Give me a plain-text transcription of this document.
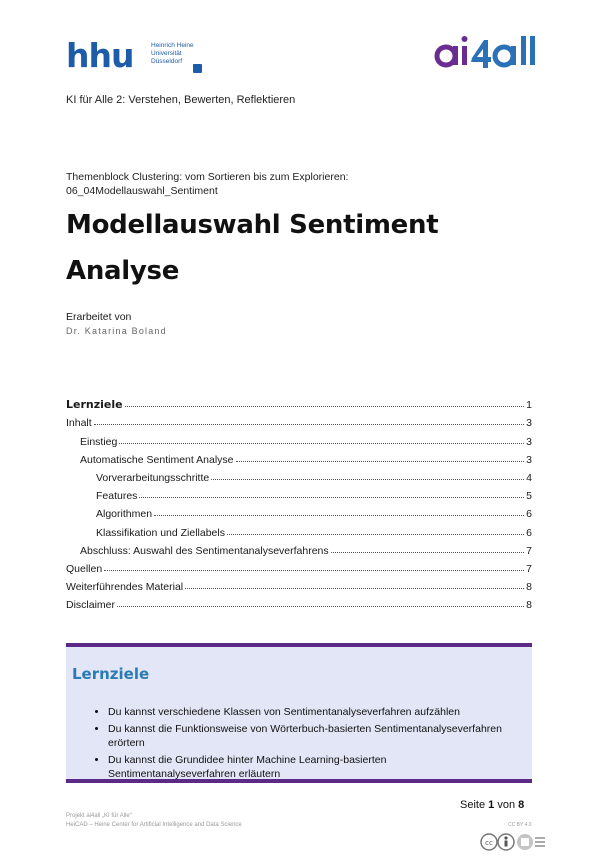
hhu	Heinrich Heine
Universität
Düsseldorf
KI für Alle 2: Verstehen, Bewerten, Reflektieren
Themenblock Clustering: vom Sortieren bis zum Explorieren:
06_04Modellauswahl_Sentiment
Modellauswahl Sentiment Analyse
Erarbeitet von
Dr. Katarina Boland
Lernziele	1
Inhalt	3
Einstieg	3
Automatische Sentiment Analyse	3
Vorverarbeitungsschritte	4
Features	5
Algorithmen	6
Klassifikation und Ziellabels	6
Abschluss: Auswahl des Sentimentanalyseverfahrens	7
Quellen	7
Weiterführendes Material	8
Disclaimer	8
Lernziele
• Du kannst verschiedene Klassen von Sentimentanalyseverfahren aufzählen
• Du kannst die Funktionsweise von Wörterbuch-basierten Sentimentanalyseverfahren erörtern
• Du kannst die Grundidee hinter Machine Learning-basierten Sentimentanalyseverfahren erläutern
Seite 1 von 8
Projekt ai4all „KI für Alle“
HeiCAD – Heine Center for Artificial Intelligence and Data Science	CC BY 4.0
cc
